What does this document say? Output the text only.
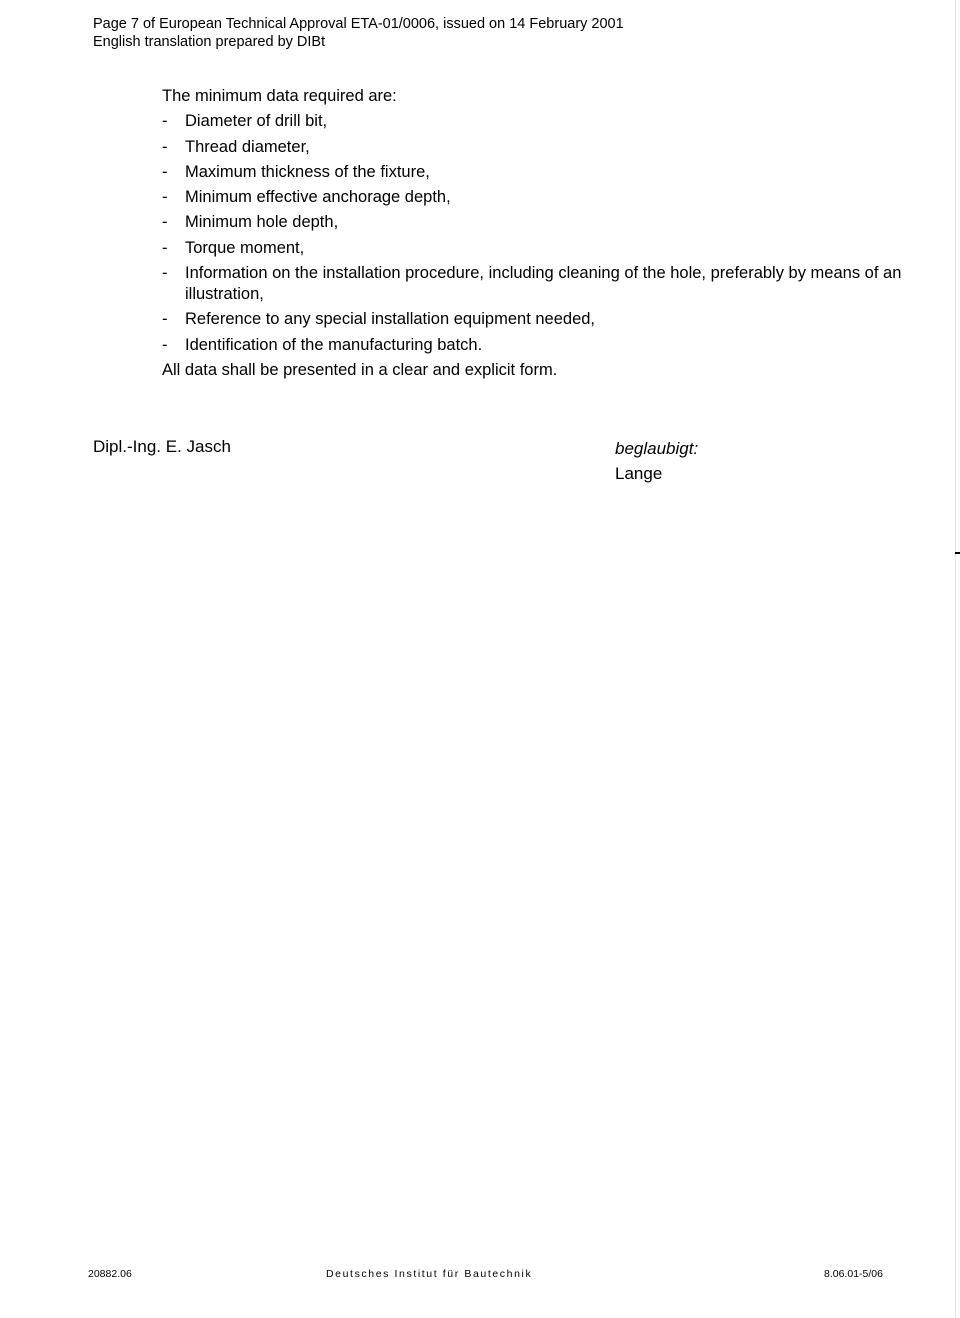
Page 7 of European Technical Approval ETA-01/0006, issued on 14 February 2001
English translation prepared by DIBt

The minimum data required are:

- Diameter of drill bit,
- Thread diameter,
- Maximum thickness of the fixture,
- Minimum effective anchorage depth,
- Minimum hole depth,
- Torque moment,
- Information on the installation procedure, including cleaning of the hole, preferably by means of an illustration,
- Reference to any special installation equipment needed,
- Identification of the manufacturing batch.

All data shall be presented in a clear and explicit form.

Dipl.-Ing. E. Jasch	beglaubigt:
Lange
20882.06	Deutsches Institut für Bautechnik	8.06.01-5/06
